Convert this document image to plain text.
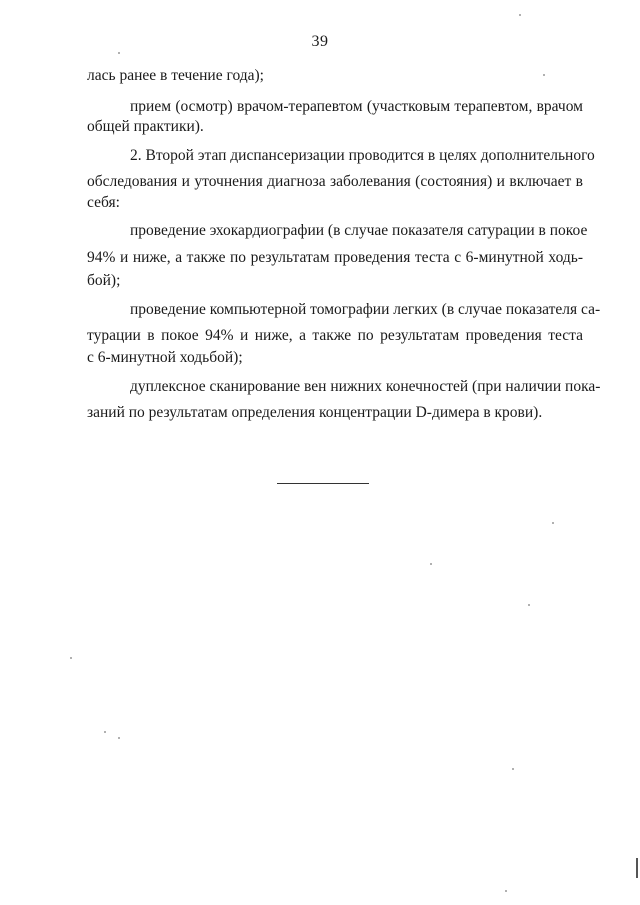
39
лась ранее в течение года);
прием (осмотр) врачом-терапевтом (участковым терапевтом, врачом
общей практики).
2. Второй этап диспансеризации проводится в целях дополнительного
обследования и уточнения диагноза заболевания (состояния) и включает в
себя:
проведение эхокардиографии (в случае показателя сатурации в покое
94% и ниже, а также по результатам проведения теста с 6-минутной ходь-
бой);
проведение компьютерной томографии легких (в случае показателя са-
турации в покое 94% и ниже, а также по результатам проведения теста
с 6-минутной ходьбой);
дуплексное сканирование вен нижних конечностей (при наличии пока-
заний по результатам определения концентрации D-димера в крови).
